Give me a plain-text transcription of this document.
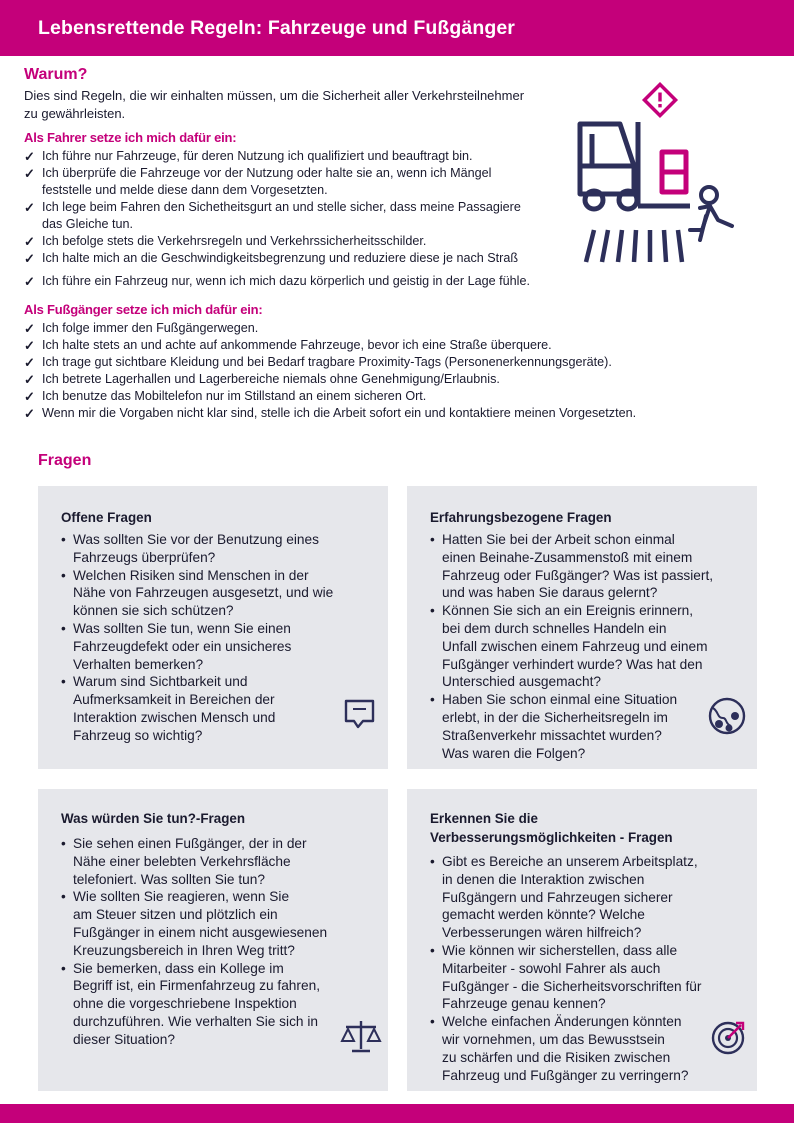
Lebensrettende Regeln: Fahrzeuge und Fußgänger
Warum?
Dies sind Regeln, die wir einhalten müssen, um die Sicherheit aller Verkehrsteilnehmer
zu gewährleisten.
Als Fahrer setze ich mich dafür ein:
✓ Ich führe nur Fahrzeuge, für deren Nutzung ich qualifiziert und beauftragt bin.
✓ Ich überprüfe die Fahrzeuge vor der Nutzung oder halte sie an, wenn ich Mängel
feststelle und melde diese dann dem Vorgesetzten.
✓ Ich lege beim Fahren den Sichetheitsgurt an und stelle sicher, dass meine Passagiere
das Gleiche tun.
✓ Ich befolge stets die Verkehrsregeln und Verkehrssicherheitsschilder.
✓ Ich halte mich an die Geschwindigkeitsbegrenzung und reduziere diese je nach Straß
✓ Ich führe ein Fahrzeug nur, wenn ich mich dazu körperlich und geistig in der Lage fühle.
Als Fußgänger setze ich mich dafür ein:
✓ Ich folge immer den Fußgängerwegen.
✓ Ich halte stets an und achte auf ankommende Fahrzeuge, bevor ich eine Straße überquere.
✓ Ich trage gut sichtbare Kleidung und bei Bedarf tragbare Proximity-Tags (Personenerkennungsgeräte).
✓ Ich betrete Lagerhallen und Lagerbereiche niemals ohne Genehmigung/Erlaubnis.
✓ Ich benutze das Mobiltelefon nur im Stillstand an einem sicheren Ort.
✓ Wenn mir die Vorgaben nicht klar sind, stelle ich die Arbeit sofort ein und kontaktiere meinen Vorgesetzten.
Fragen
Offene Fragen
• Was sollten Sie vor der Benutzung eines
Fahrzeugs überprüfen?
• Welchen Risiken sind Menschen in der
Nähe von Fahrzeugen ausgesetzt, und wie
können sie sich schützen?
• Was sollten Sie tun, wenn Sie einen
Fahrzeugdefekt oder ein unsicheres
Verhalten bemerken?
• Warum sind Sichtbarkeit und
Aufmerksamkeit in Bereichen der
Interaktion zwischen Mensch und
Fahrzeug so wichtig?
Erfahrungsbezogene Fragen
• Hatten Sie bei der Arbeit schon einmal
einen Beinahe-Zusammenstoß mit einem
Fahrzeug oder Fußgänger? Was ist passiert,
und was haben Sie daraus gelernt?
• Können Sie sich an ein Ereignis erinnern,
bei dem durch schnelles Handeln ein
Unfall zwischen einem Fahrzeug und einem
Fußgänger verhindert wurde? Was hat den
Unterschied ausgemacht?
• Haben Sie schon einmal eine Situation
erlebt, in der die Sicherheitsregeln im
Straßenverkehr missachtet wurden?
Was waren die Folgen?
Was würden Sie tun?-Fragen
• Sie sehen einen Fußgänger, der in der
Nähe einer belebten Verkehrsfläche
telefoniert. Was sollten Sie tun?
• Wie sollten Sie reagieren, wenn Sie
am Steuer sitzen und plötzlich ein
Fußgänger in einem nicht ausgewiesenen
Kreuzungsbereich in Ihren Weg tritt?
• Sie bemerken, dass ein Kollege im
Begriff ist, ein Firmenfahrzeug zu fahren,
ohne die vorgeschriebene Inspektion
durchzuführen. Wie verhalten Sie sich in
dieser Situation?
Erkennen Sie die
Verbesserungsmöglichkeiten - Fragen
• Gibt es Bereiche an unserem Arbeitsplatz,
in denen die Interaktion zwischen
Fußgängern und Fahrzeugen sicherer
gemacht werden könnte? Welche
Verbesserungen wären hilfreich?
• Wie können wir sicherstellen, dass alle
Mitarbeiter - sowohl Fahrer als auch
Fußgänger - die Sicherheitsvorschriften für
Fahrzeuge genau kennen?
• Welche einfachen Änderungen könnten
wir vornehmen, um das Bewusstsein
zu schärfen und die Risiken zwischen
Fahrzeug und Fußgänger zu verringern?
